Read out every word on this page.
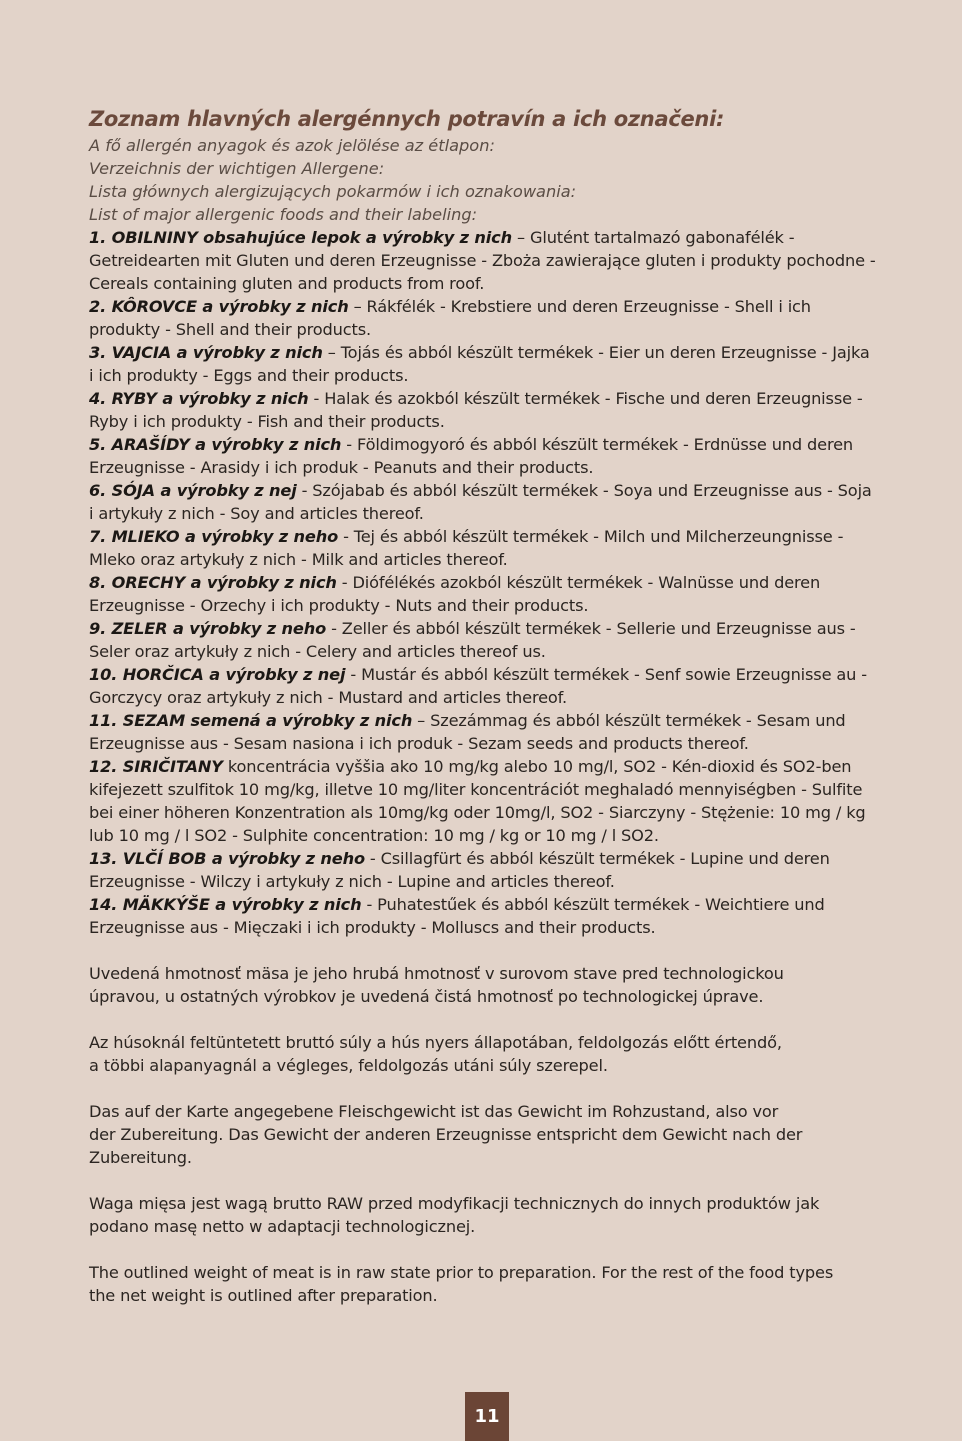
Zoznam hlavných alergénnych potravín a ich označeni:

A fő allergén anyagok és azok jelölése az étlapon:

Verzeichnis der wichtigen Allergene:

Lista głównych alergizujących pokarmów i ich oznakowania:

List of major allergenic foods and their labeling:

1. OBILNINY obsahujúce lepok a výrobky z nich – Glutént tartalmazó gabonafélék - Getreidearten mit Gluten und deren Erzeugnisse - Zboża zawierające gluten i produkty pochodne - Cereals containing gluten and products from roof.
2. KÔROVCE a výrobky z nich – Rákfélék - Krebstiere und deren Erzeugnisse - Shell i ich produkty - Shell and their products.
3. VAJCIA a výrobky z nich – Tojás és abból készült termékek - Eier un deren Erzeugnisse - Jajka i ich produkty - Eggs and their products.
4. RYBY a výrobky z nich - Halak és azokból készült termékek - Fische und deren Erzeugnisse - Ryby i ich produkty - Fish and their products.
5. ARAŠÍDY a výrobky z nich - Földimogyoró és abból készült termékek - Erdnüsse und deren Erzeugnisse - Arasidy i ich produk - Peanuts and their products.
6. SÓJA a výrobky z nej - Szójabab és abból készült termékek - Soya und Erzeugnisse aus - Soja i artykuły z nich - Soy and articles thereof.
7. MLIEKO a výrobky z neho - Tej és abból készült termékek - Milch und Milcherzeungnisse - Mleko oraz artykuły z nich - Milk and articles thereof.
8. ORECHY a výrobky z nich - Diófélékés azokból készült termékek - Walnüsse und deren Erzeugnisse - Orzechy i ich produkty - Nuts and their products.
9. ZELER a výrobky z neho - Zeller és abból készült termékek - Sellerie und Erzeugnisse aus - Seler oraz artykuły z nich - Celery and articles thereof us.
10. HORČICA a výrobky z nej - Mustár és abból készült termékek - Senf sowie Erzeugnisse au - Gorczycy oraz artykuły z nich - Mustard and articles thereof.
11. SEZAM semená a výrobky z nich – Szezámmag és abból készült termékek - Sesam und Erzeugnisse aus - Sesam nasiona i ich produk - Sezam seeds and products thereof.
12. SIRIČITANY koncentrácia vyššia ako 10 mg/kg alebo 10 mg/l, SO2 - Kén-dioxid és SO2-ben kifejezett szulfitok 10 mg/kg, illetve 10 mg/liter koncentrációt meghaladó mennyiségben - Sulfite bei einer höheren Konzentration als 10mg/kg oder 10mg/l, SO2 - Siarczyny - Stężenie: 10 mg / kg lub 10 mg / l SO2 - Sulphite concentration: 10 mg / kg or 10 mg / l SO2.
13. VLČÍ BOB a výrobky z neho - Csillagfürt és abból készült termékek - Lupine und deren Erzeugnisse - Wilczy i artykuły z nich - Lupine and articles thereof.
14. MÄKKÝŠE a výrobky z nich - Puhatestűek és abból készült termékek - Weichtiere und Erzeugnisse aus - Mięczaki i ich produkty - Molluscs and their products.

Uvedená hmotnosť mäsa je jeho hrubá hmotnosť v surovom stave pred technologickou
úpravou, u ostatných výrobkov je uvedená čistá hmotnosť po technologickej úprave.

Az húsoknál feltüntetett bruttó súly a hús nyers állapotában, feldolgozás előtt értendő,
a többi alapanyagnál a végleges, feldolgozás utáni súly szerepel.

Das auf der Karte angegebene Fleischgewicht ist das Gewicht im Rohzustand, also vor
der Zubereitung. Das Gewicht der anderen Erzeugnisse entspricht dem Gewicht nach der
Zubereitung.

Waga mięsa jest wagą brutto RAW przed modyfikacji technicznych do innych produktów jak
podano masę netto w adaptacji technologicznej.

The outlined weight of meat is in raw state prior to preparation. For the rest of the food types
the net weight is outlined after preparation.

11
